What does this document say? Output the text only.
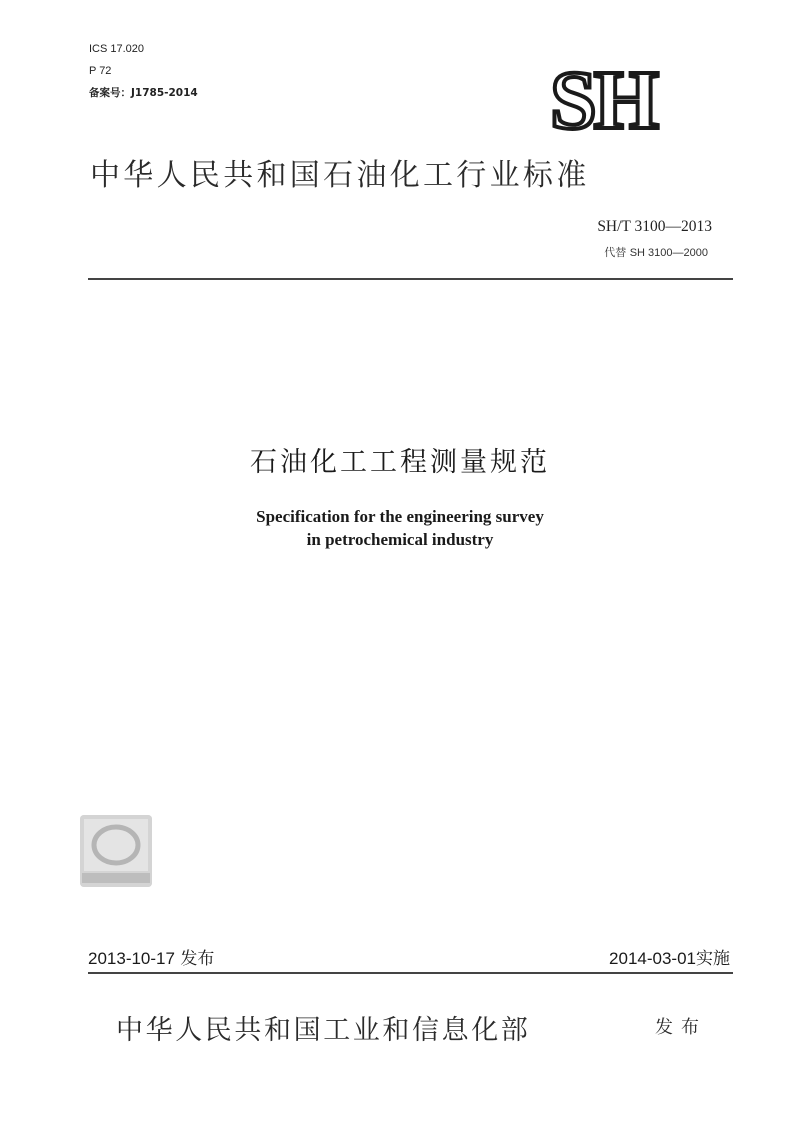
ICS 17.020
P 72
备案号：J1785-2014	SH
中华人民共和国石油化工行业标准
SH/T 3100—2013
代替 SH 3100—2000
石油化工工程测量规范
Specification for the engineering survey
in petrochemical industry
2013-10-17 发布	2014-03-01实施
中华人民共和国工业和信息化部	发布
